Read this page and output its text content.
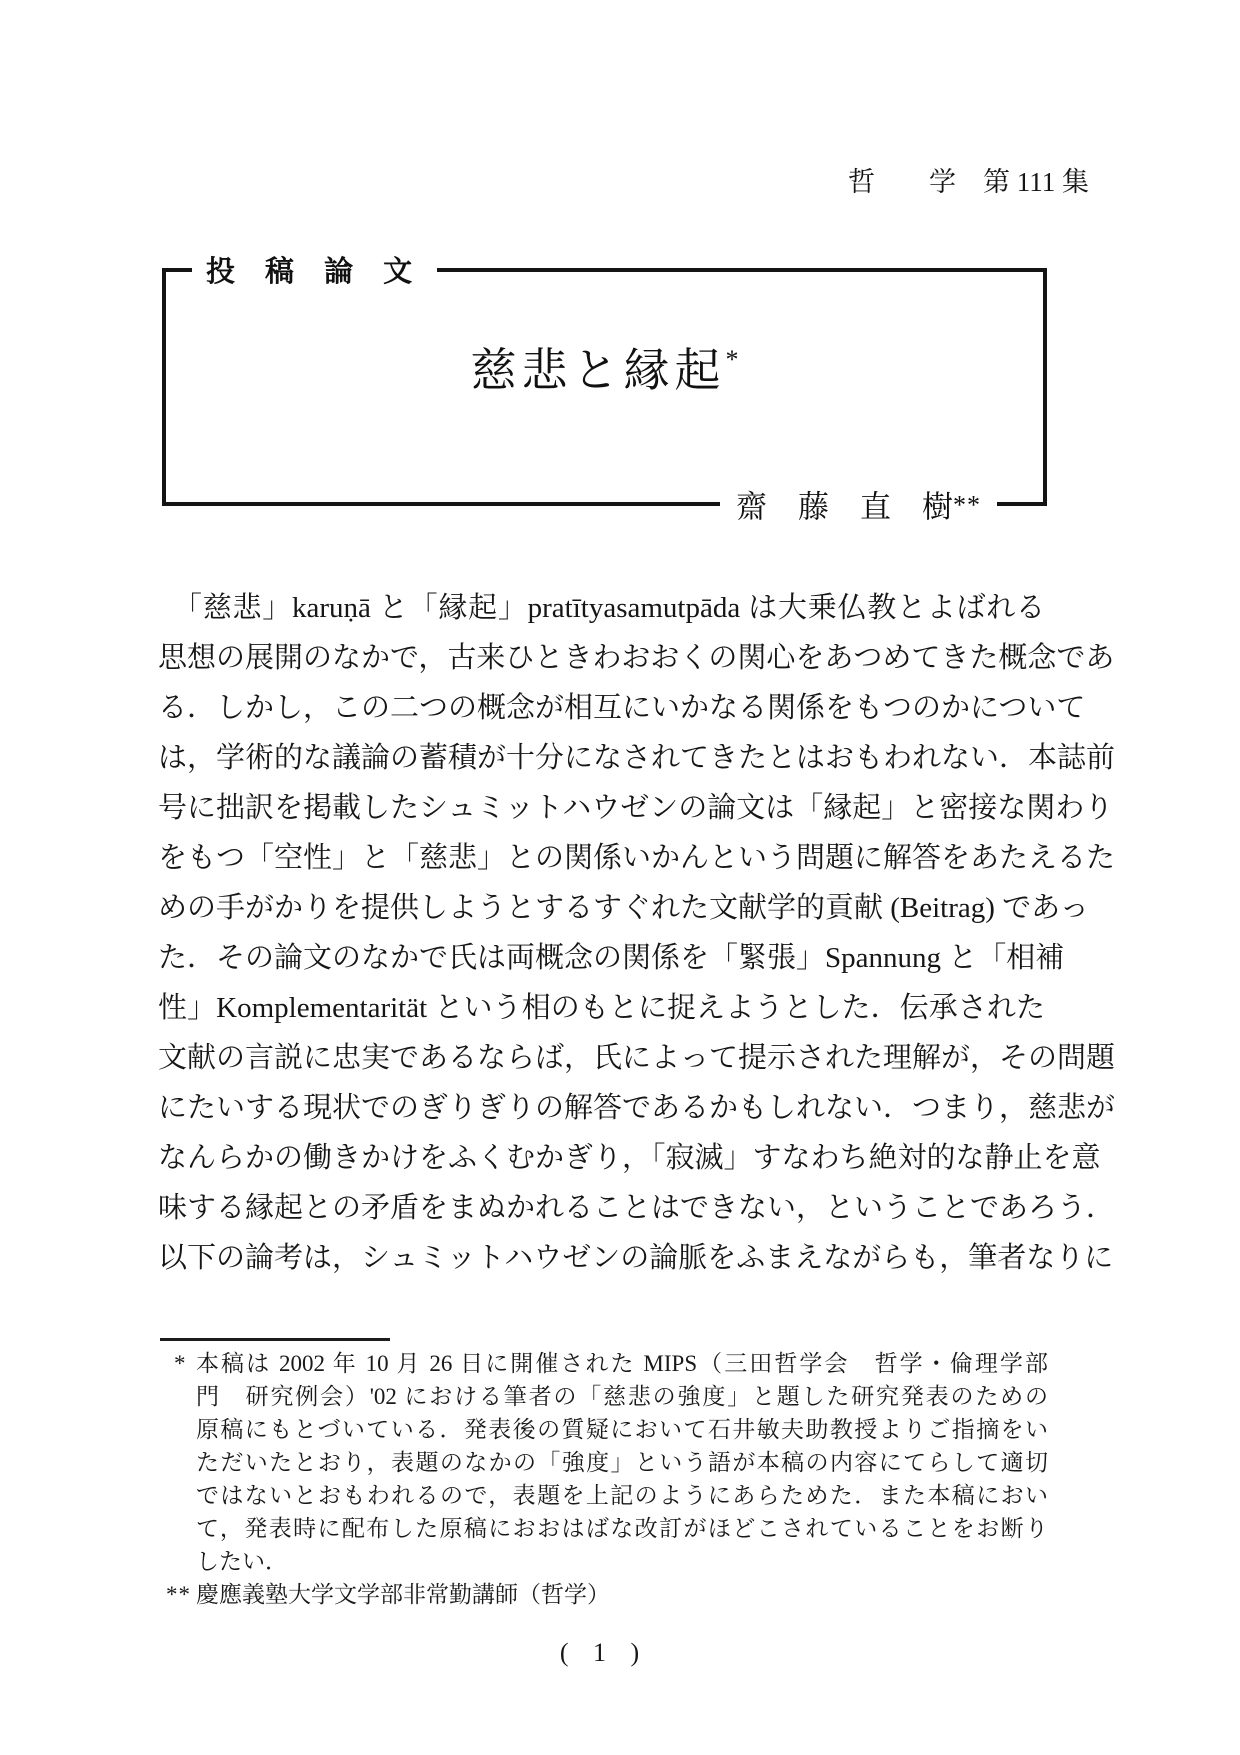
哲　　学　第 111 集
投 稿 論 文
慈悲と縁起*
齋　藤　直　樹**
「慈悲」karuṇā と「縁起」pratītyasamutpāda は大乗仏教とよばれる
思想の展開のなかで，古来ひときわおおくの関心をあつめてきた概念であ
る．しかし，この二つの概念が相互にいかなる関係をもつのかについて
は，学術的な議論の蓄積が十分になされてきたとはおもわれない．本誌前
号に拙訳を掲載したシュミットハウゼンの論文は「縁起」と密接な関わり
をもつ「空性」と「慈悲」との関係いかんという問題に解答をあたえるた
めの手がかりを提供しようとするすぐれた文献学的貢献 (Beitrag) であっ
た．その論文のなかで氏は両概念の関係を「緊張」Spannung と「相補
性」Komplementarität という相のもとに捉えようとした．伝承された
文献の言説に忠実であるならば，氏によって提示された理解が，その問題
にたいする現状でのぎりぎりの解答であるかもしれない．つまり，慈悲が
なんらかの働きかけをふくむかぎり，「寂滅」すなわち絶対的な静止を意
味する縁起との矛盾をまぬかれることはできない，ということであろう．
以下の論考は，シュミットハウゼンの論脈をふまえながらも，筆者なりに
* 本稿は 2002 年 10 月 26 日に開催された MIPS（三田哲学会　哲学・倫理学部
門　研究例会）'02 における筆者の「慈悲の強度」と題した研究発表のための
原稿にもとづいている．発表後の質疑において石井敏夫助教授よりご指摘をい
ただいたとおり，表題のなかの「強度」という語が本稿の内容にてらして適切
ではないとおもわれるので，表題を上記のようにあらためた．また本稿におい
て，発表時に配布した原稿におおはばな改訂がほどこされていることをお断り
したい．
** 慶應義塾大学文学部非常勤講師（哲学）
( 1 )
